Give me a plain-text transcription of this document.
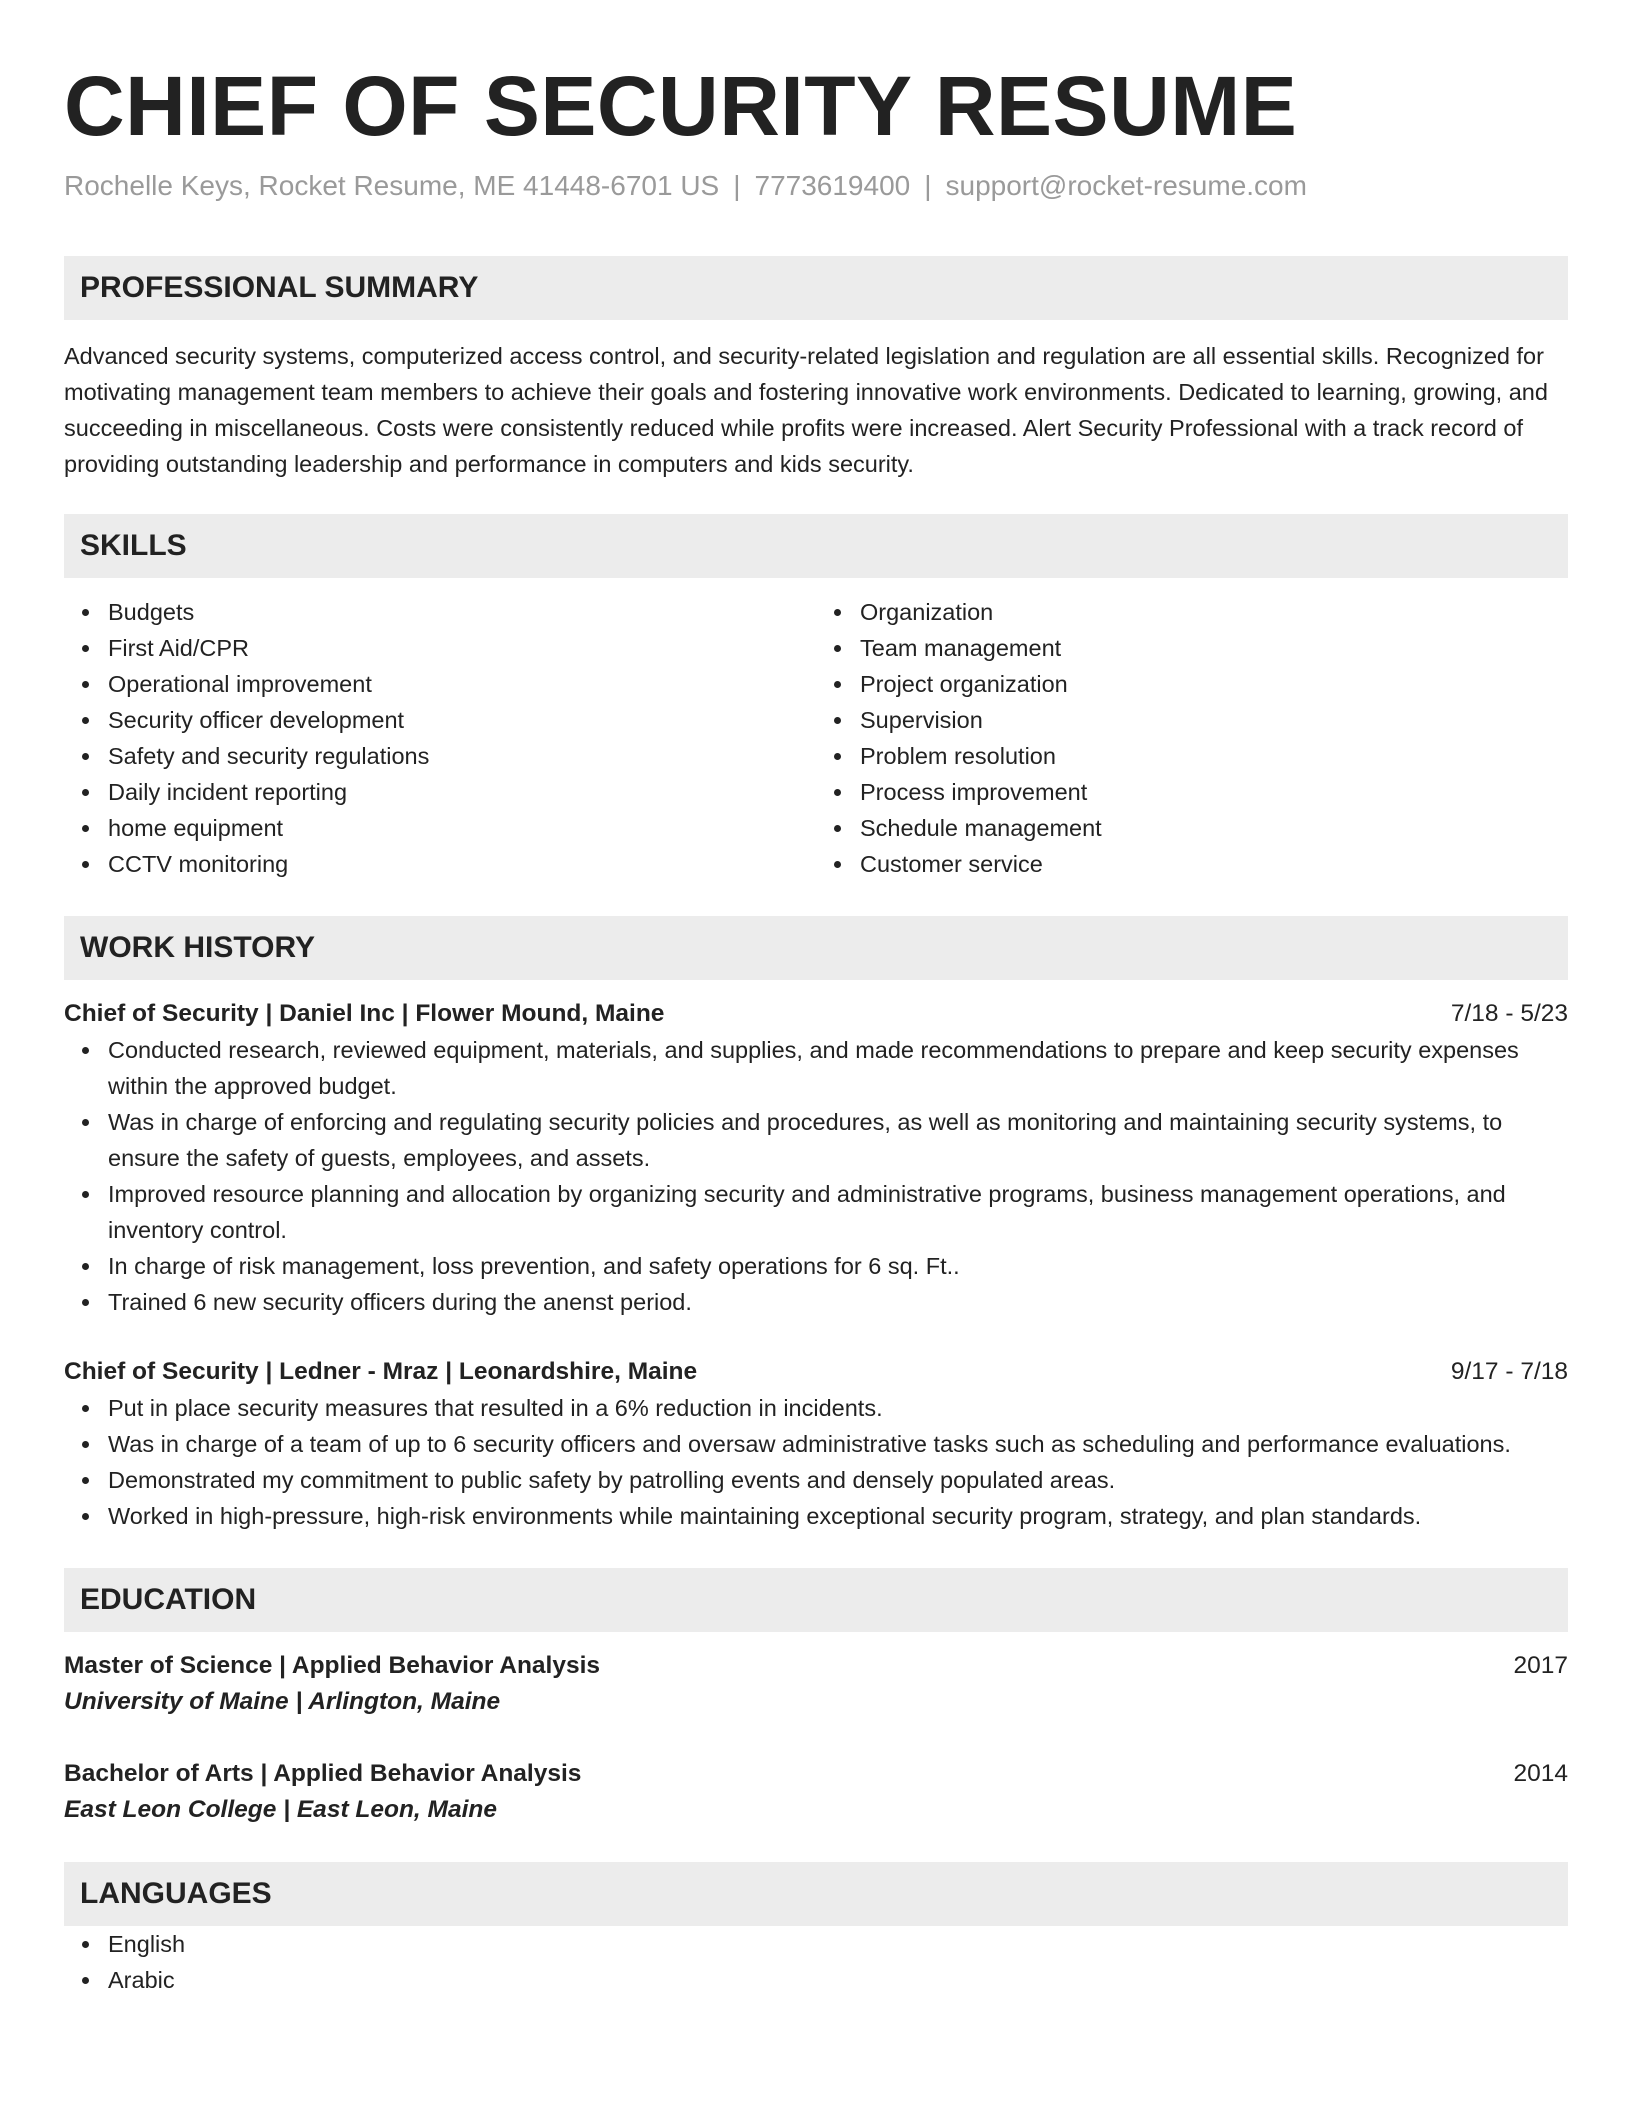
CHIEF OF SECURITY RESUME
Rochelle Keys, Rocket Resume, ME 41448-6701 US | 7773619400 | support@rocket-resume.com
PROFESSIONAL SUMMARY

Advanced security systems, computerized access control, and security-related legislation and regulation are all essential skills. Recognized for motivating management team members to achieve their goals and fostering innovative work environments. Dedicated to learning, growing, and succeeding in miscellaneous. Costs were consistently reduced while profits were increased. Alert Security Professional with a track record of providing outstanding leadership and performance in computers and kids security.

SKILLS
Budgets
First Aid/CPR
Operational improvement
Security officer development
Safety and security regulations
Daily incident reporting
home equipment
CCTV monitoring
Organization
Team management
Project organization
Supervision
Problem resolution
Process improvement
Schedule management
Customer service
WORK HISTORY
Chief of Security | Daniel Inc | Flower Mound, Maine	7/18 - 5/23
Conducted research, reviewed equipment, materials, and supplies, and made recommendations to prepare and keep security expenses within the approved budget.
Was in charge of enforcing and regulating security policies and procedures, as well as monitoring and maintaining security systems, to ensure the safety of guests, employees, and assets.
Improved resource planning and allocation by organizing security and administrative programs, business management operations, and inventory control.
In charge of risk management, loss prevention, and safety operations for 6 sq. Ft..
Trained 6 new security officers during the anenst period.
Chief of Security | Ledner - Mraz | Leonardshire, Maine	9/17 - 7/18
Put in place security measures that resulted in a 6% reduction in incidents.
Was in charge of a team of up to 6 security officers and oversaw administrative tasks such as scheduling and performance evaluations.
Demonstrated my commitment to public safety by patrolling events and densely populated areas.
Worked in high-pressure, high-risk environments while maintaining exceptional security program, strategy, and plan standards.
EDUCATION
Master of Science | Applied Behavior Analysis	2017
University of Maine | Arlington, Maine
Bachelor of Arts | Applied Behavior Analysis	2014
East Leon College | East Leon, Maine
LANGUAGES
English
Arabic
